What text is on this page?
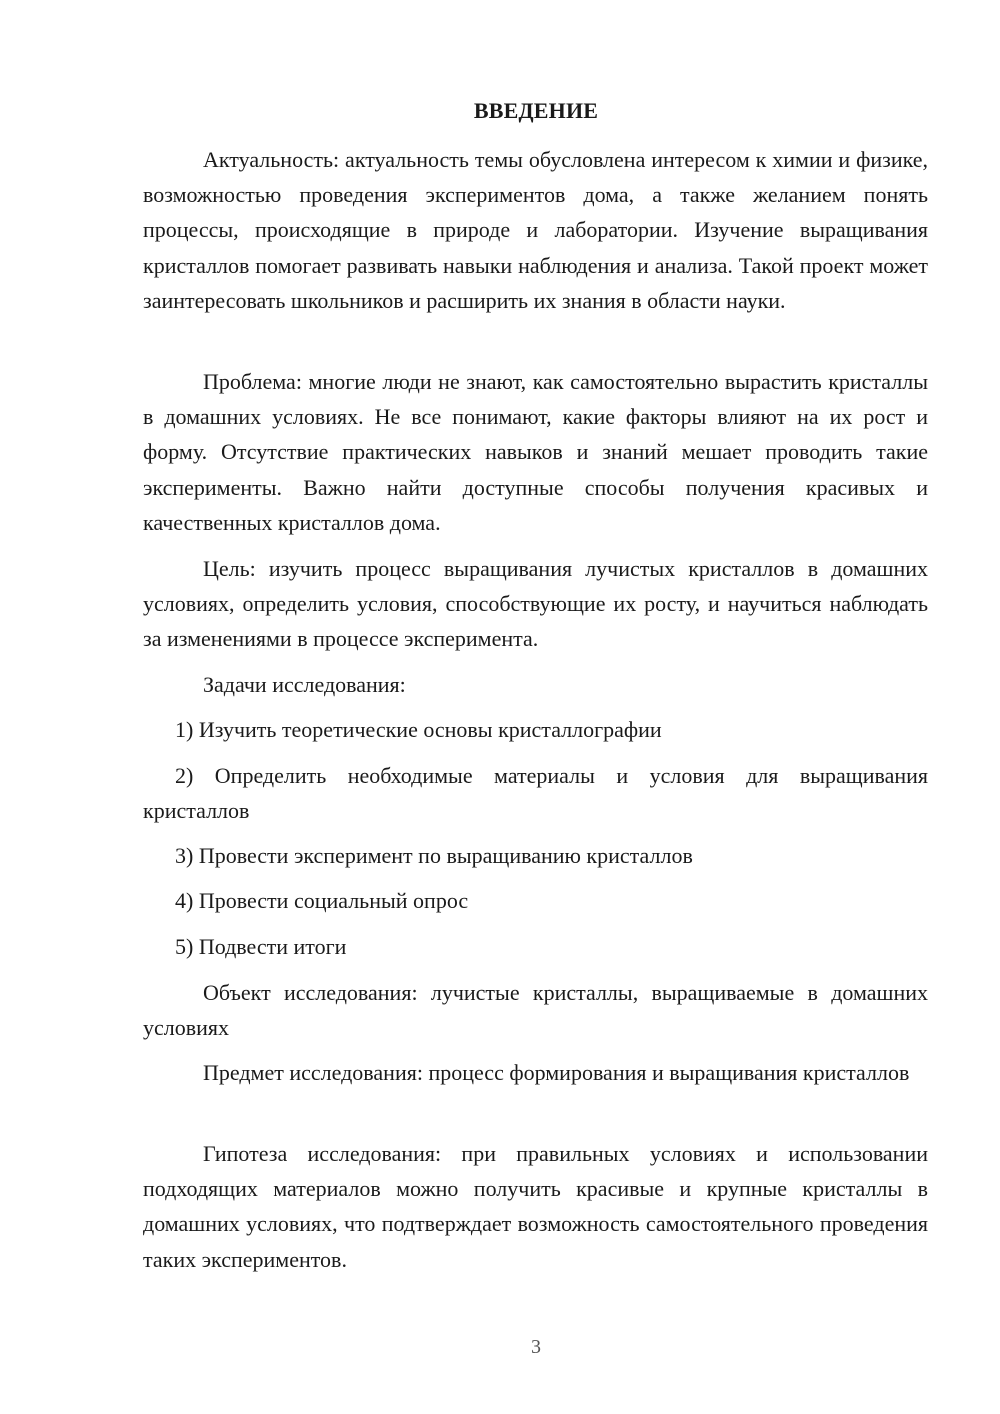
ВВЕДЕНИЕ

Актуальность: актуальность темы обусловлена интересом к химии и физике, возможностью проведения экспериментов дома, а также желанием понять процессы, происходящие в природе и лаборатории. Изучение выращивания кристаллов помогает развивать навыки наблюдения и анализа. Такой проект может заинтересовать школьников и расширить их знания в области науки.

Проблема: многие люди не знают, как самостоятельно вырастить кристаллы в домашних условиях. Не все понимают, какие факторы влияют на их рост и форму. Отсутствие практических навыков и знаний мешает проводить такие эксперименты. Важно найти доступные способы получения красивых и качественных кристаллов дома.

Цель: изучить процесс выращивания лучистых кристаллов в домашних условиях, определить условия, способствующие их росту, и научиться наблюдать за изменениями в процессе эксперимента.

Задачи исследования:

1) Изучить теоретические основы кристаллографии

2) Определить необходимые материалы и условия для выращивания кристаллов

3) Провести эксперимент по выращиванию кристаллов

4) Провести социальный опрос

5) Подвести итоги

Объект исследования: лучистые кристаллы, выращиваемые в домашних условиях

Предмет исследования: процесс формирования и выращивания кристаллов

Гипотеза исследования: при правильных условиях и использовании подходящих материалов можно получить красивые и крупные кристаллы в домашних условиях, что подтверждает возможность самостоятельного проведения таких экспериментов.

3
